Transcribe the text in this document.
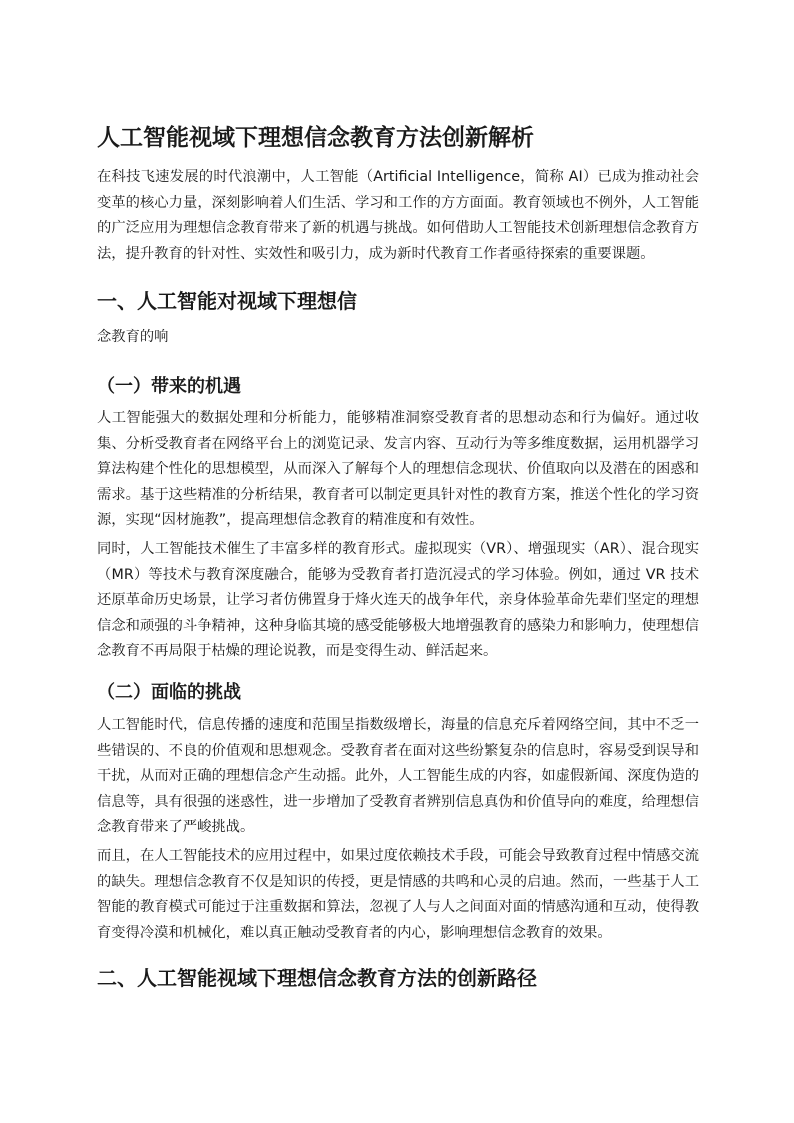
人工智能视域下理想信念教育方法创新解析

在科技飞速发展的时代浪潮中，人工智能（Artificial Intelligence，简称 AI）已成为推动社会变革的核心力量，深刻影响着人们生活、学习和工作的方方面面。教育领域也不例外，人工智能的广泛应用为理想信念教育带来了新的机遇与挑战。如何借助人工智能技术创新理想信念教育方法，提升教育的针对性、实效性和吸引力，成为新时代教育工作者亟待探索的重要课题。

一、人工智能对视域下理想信

念教育的响

（一）带来的机遇

人工智能强大的数据处理和分析能力，能够精准洞察受教育者的思想动态和行为偏好。通过收集、分析受教育者在网络平台上的浏览记录、发言内容、互动行为等多维度数据，运用机器学习算法构建个性化的思想模型，从而深入了解每个人的理想信念现状、价值取向以及潜在的困惑和需求。基于这些精准的分析结果，教育者可以制定更具针对性的教育方案，推送个性化的学习资源，实现“因材施教”，提高理想信念教育的精准度和有效性。

同时，人工智能技术催生了丰富多样的教育形式。虚拟现实（VR）、增强现实（AR）、混合现实（MR）等技术与教育深度融合，能够为受教育者打造沉浸式的学习体验。例如，通过 VR 技术还原革命历史场景，让学习者仿佛置身于烽火连天的战争年代，亲身体验革命先辈们坚定的理想信念和顽强的斗争精神，这种身临其境的感受能够极大地增强教育的感染力和影响力，使理想信念教育不再局限于枯燥的理论说教，而是变得生动、鲜活起来。

（二）面临的挑战

人工智能时代，信息传播的速度和范围呈指数级增长，海量的信息充斥着网络空间，其中不乏一些错误的、不良的价值观和思想观念。受教育者在面对这些纷繁复杂的信息时，容易受到误导和干扰，从而对正确的理想信念产生动摇。此外，人工智能生成的内容，如虚假新闻、深度伪造的信息等，具有很强的迷惑性，进一步增加了受教育者辨别信息真伪和价值导向的难度，给理想信念教育带来了严峻挑战。

而且，在人工智能技术的应用过程中，如果过度依赖技术手段，可能会导致教育过程中情感交流的缺失。理想信念教育不仅是知识的传授，更是情感的共鸣和心灵的启迪。然而，一些基于人工智能的教育模式可能过于注重数据和算法，忽视了人与人之间面对面的情感沟通和互动，使得教育变得冷漠和机械化，难以真正触动受教育者的内心，影响理想信念教育的效果。

二、人工智能视域下理想信念教育方法的创新路径
